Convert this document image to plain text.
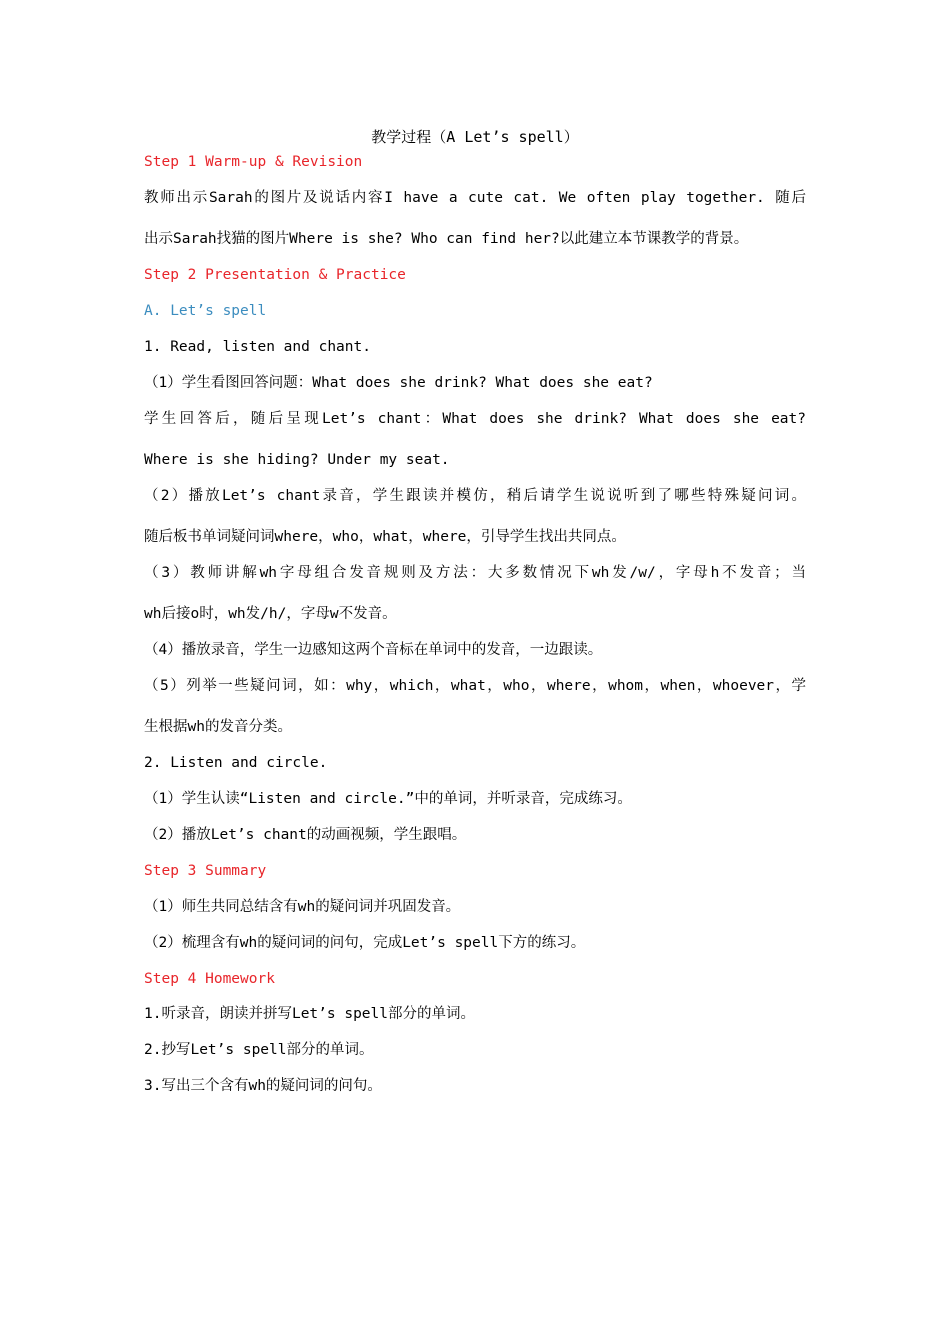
教学过程（A Let’s spell）
Step 1 Warm-up & Revision
教师出示Sarah的图片及说话内容I have a cute cat. We often play together. 随后
出示Sarah找猫的图片Where is she? Who can find her?以此建立本节课教学的背景。
Step 2 Presentation & Practice
A. Let’s spell
1. Read, listen and chant.
（1）学生看图回答问题：What does she drink? What does she eat?
学生回答后，随后呈现Let’s chant：What does she drink? What does she eat?
Where is she hiding? Under my seat.
（2）播放Let’s chant录音，学生跟读并模仿，稍后请学生说说听到了哪些特殊疑问词。
随后板书单词疑问词where，who，what，where，引导学生找出共同点。
（3）教师讲解wh字母组合发音规则及方法：大多数情况下wh发/w/，字母h不发音；当
wh后接o时，wh发/h/，字母w不发音。
（4）播放录音，学生一边感知这两个音标在单词中的发音，一边跟读。
（5）列举一些疑问词，如：why，which，what，who，where，whom，when，whoever，学
生根据wh的发音分类。
2. Listen and circle.
（1）学生认读“Listen and circle.”中的单词，并听录音，完成练习。
（2）播放Let’s chant的动画视频，学生跟唱。
Step 3 Summary
（1）师生共同总结含有wh的疑问词并巩固发音。
（2）梳理含有wh的疑问词的问句，完成Let’s spell下方的练习。
Step 4 Homework
1.听录音，朗读并拼写Let’s spell部分的单词。
2.抄写Let’s spell部分的单词。
3.写出三个含有wh的疑问词的问句。
